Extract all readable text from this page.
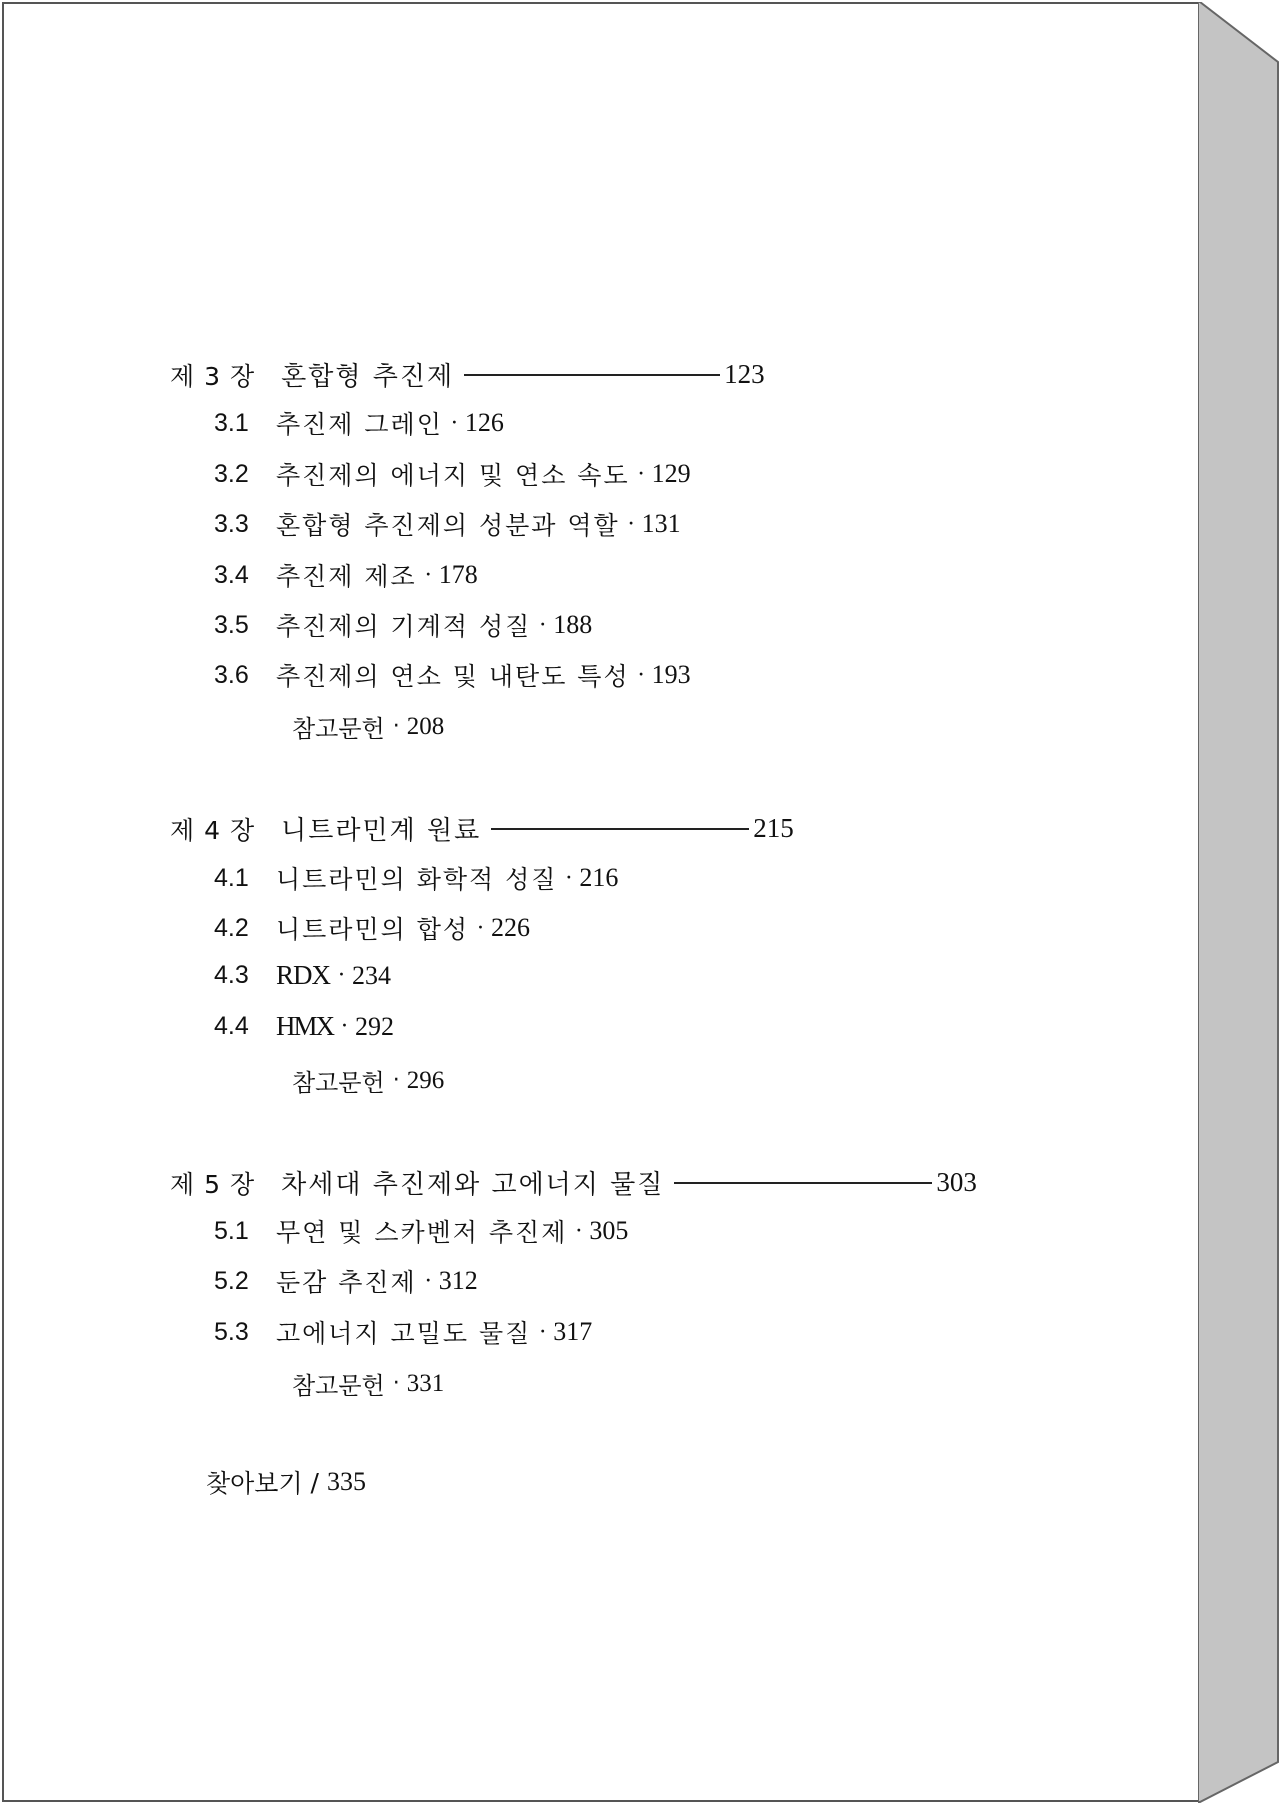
제 3 장 혼합형 추진제	123
3.1	추진제 그레인 · 126
3.2	추진제의 에너지 및 연소 속도 · 129
3.3	혼합형 추진제의 성분과 역할 · 131
3.4	추진제 제조 · 178
3.5	추진제의 기계적 성질 · 188
3.6	추진제의 연소 및 내탄도 특성 · 193
참고문헌 · 208
제 4 장 니트라민계 원료	215
4.1	니트라민의 화학적 성질 · 216
4.2	니트라민의 합성 · 226
4.3	RDX · 234
4.4	HMX · 292
참고문헌 · 296
제 5 장 차세대 추진제와 고에너지 물질	303
5.1	무연 및 스카벤저 추진제 · 305
5.2	둔감 추진제 · 312
5.3	고에너지 고밀도 물질 · 317
참고문헌 · 331
찾아보기 / 335
